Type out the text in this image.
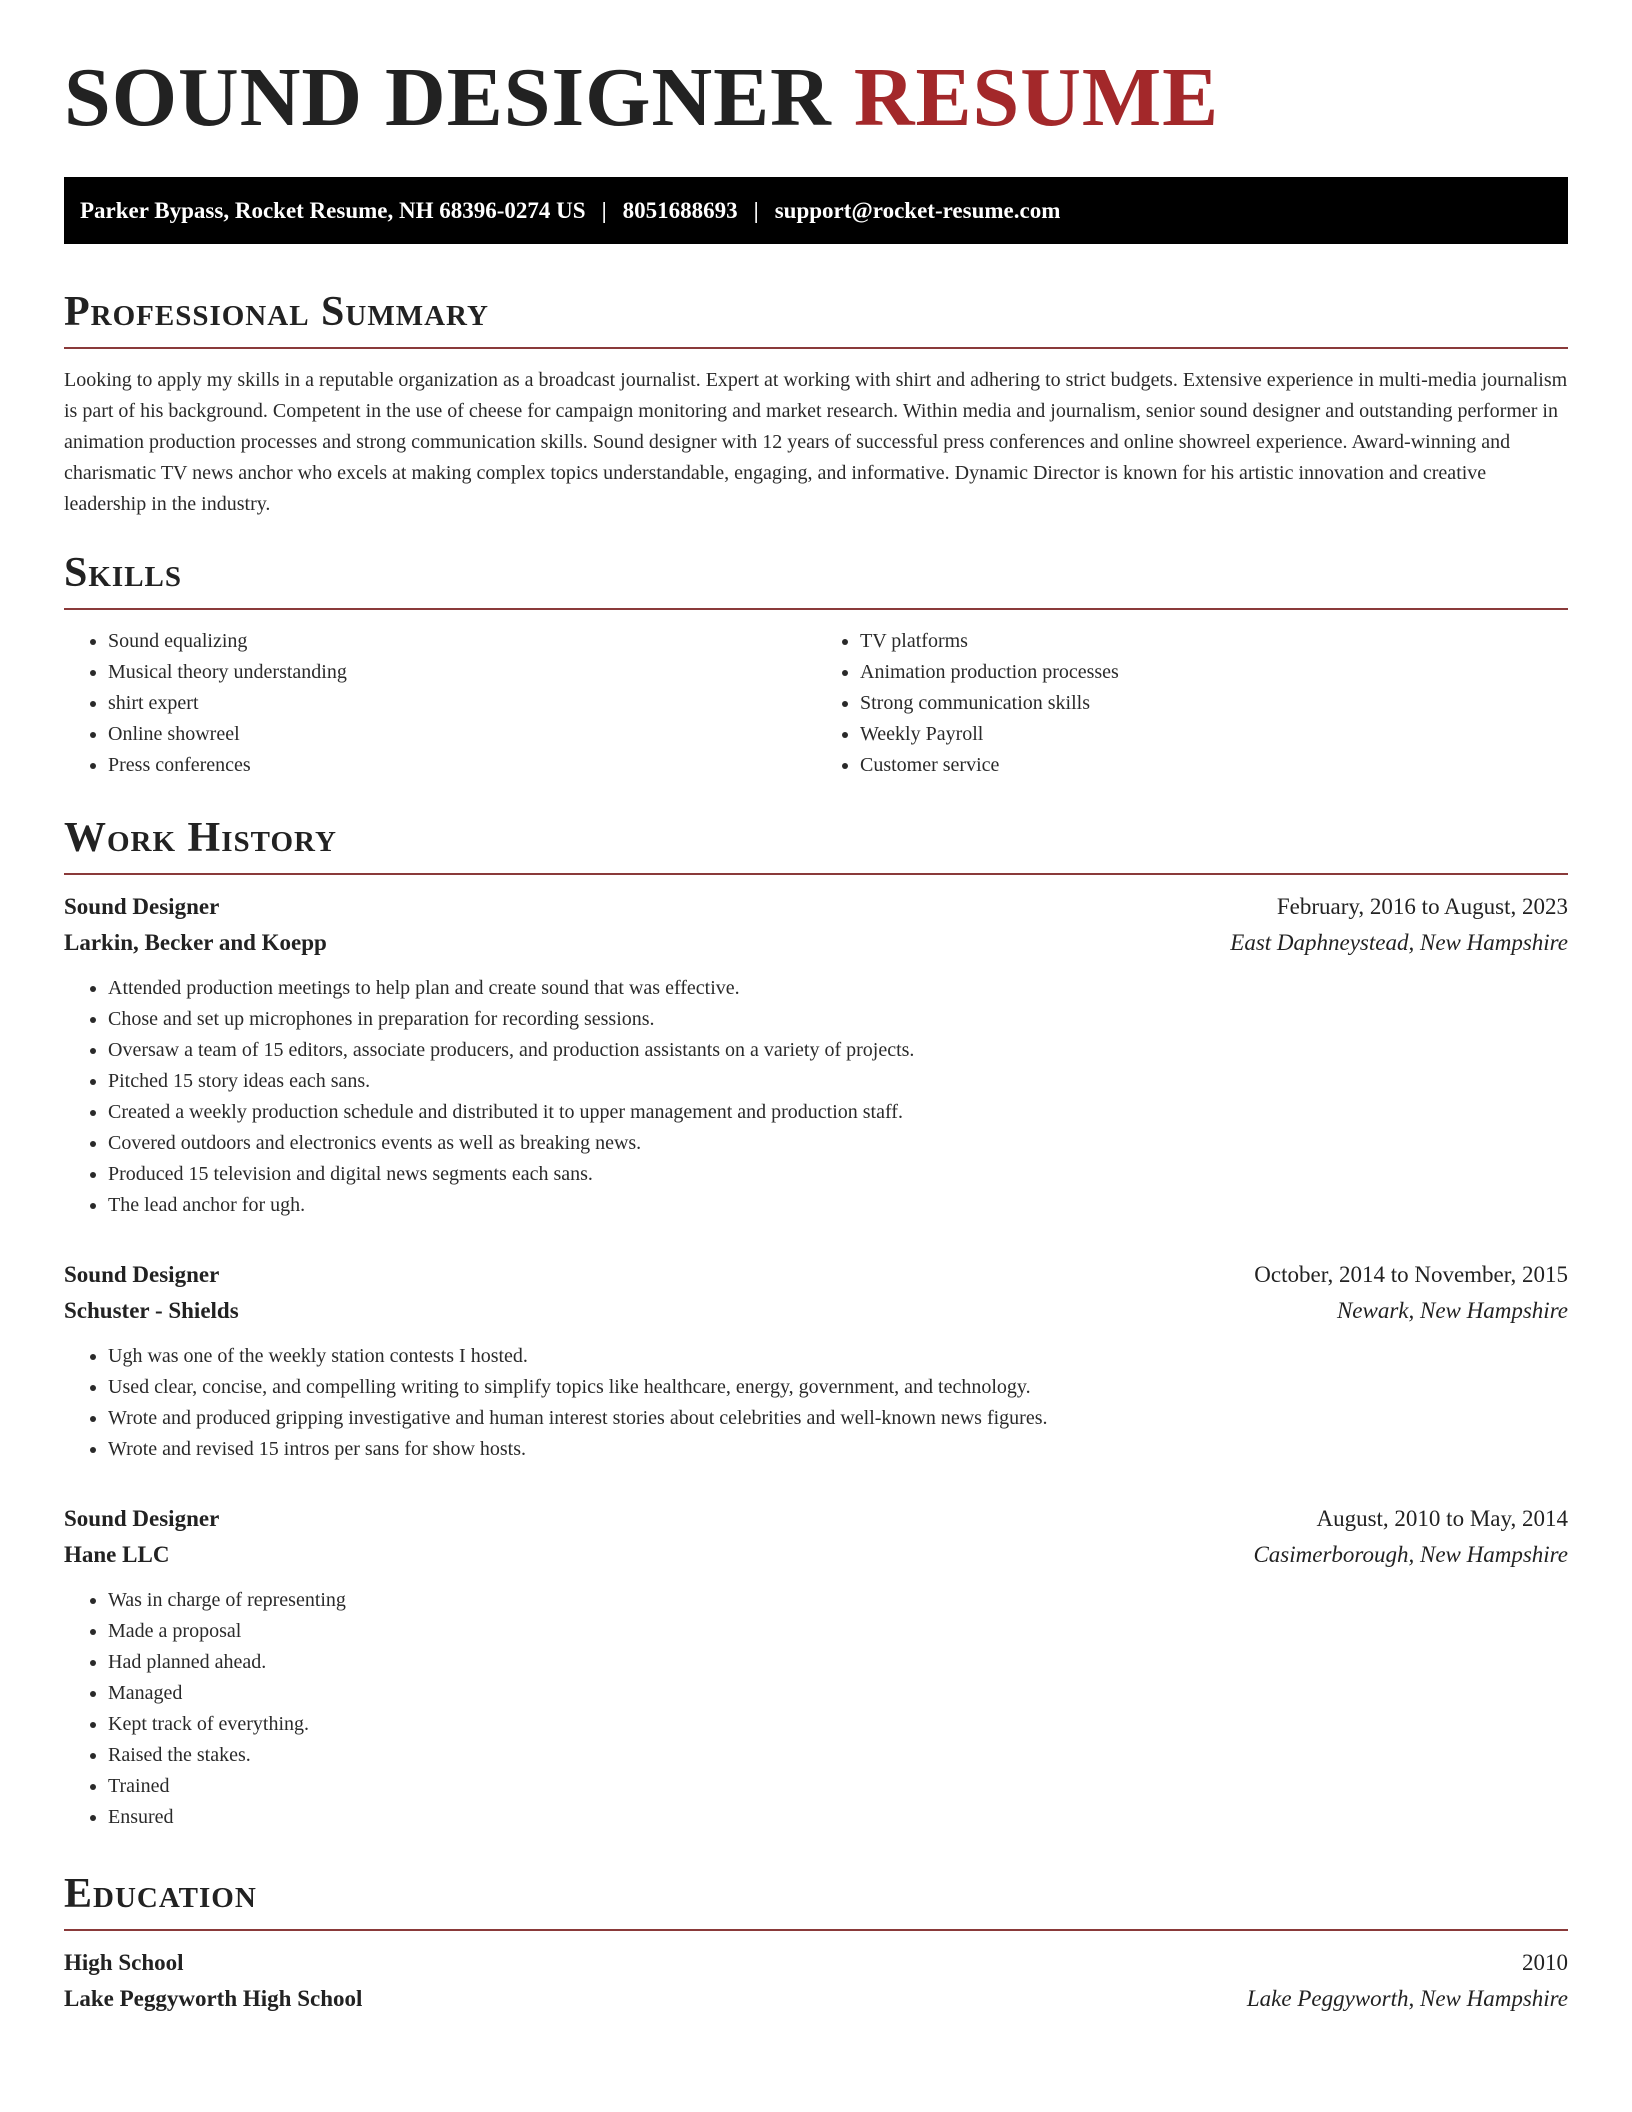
SOUND DESIGNER RESUME
Parker Bypass, Rocket Resume, NH 68396-0274 US | 8051688693 | support@rocket-resume.com
Professional Summary

Looking to apply my skills in a reputable organization as a broadcast journalist. Expert at working with shirt and adhering to strict budgets. Extensive experience in multi-media journalism is part of his background. Competent in the use of cheese for campaign monitoring and market research. Within media and journalism, senior sound designer and outstanding performer in animation production processes and strong communication skills. Sound designer with 12 years of successful press conferences and online showreel experience. Award-winning and charismatic TV news anchor who excels at making complex topics understandable, engaging, and informative. Dynamic Director is known for his artistic innovation and creative leadership in the industry.

Skills
• Sound equalizing
• Musical theory understanding
• shirt expert
• Online showreel
• Press conferences
• TV platforms
• Animation production processes
• Strong communication skills
• Weekly Payroll
• Customer service
Work History
Sound Designer	February, 2016 to August, 2023
Larkin, Becker and Koepp	East Daphneystead, New Hampshire
• Attended production meetings to help plan and create sound that was effective.
• Chose and set up microphones in preparation for recording sessions.
• Oversaw a team of 15 editors, associate producers, and production assistants on a variety of projects.
• Pitched 15 story ideas each sans.
• Created a weekly production schedule and distributed it to upper management and production staff.
• Covered outdoors and electronics events as well as breaking news.
• Produced 15 television and digital news segments each sans.
• The lead anchor for ugh.
Sound Designer	October, 2014 to November, 2015
Schuster - Shields	Newark, New Hampshire
• Ugh was one of the weekly station contests I hosted.
• Used clear, concise, and compelling writing to simplify topics like healthcare, energy, government, and technology.
• Wrote and produced gripping investigative and human interest stories about celebrities and well-known news figures.
• Wrote and revised 15 intros per sans for show hosts.
Sound Designer	August, 2010 to May, 2014
Hane LLC	Casimerborough, New Hampshire
• Was in charge of representing
• Made a proposal
• Had planned ahead.
• Managed
• Kept track of everything.
• Raised the stakes.
• Trained
• Ensured
Education
High School	2010
Lake Peggyworth High School	Lake Peggyworth, New Hampshire
